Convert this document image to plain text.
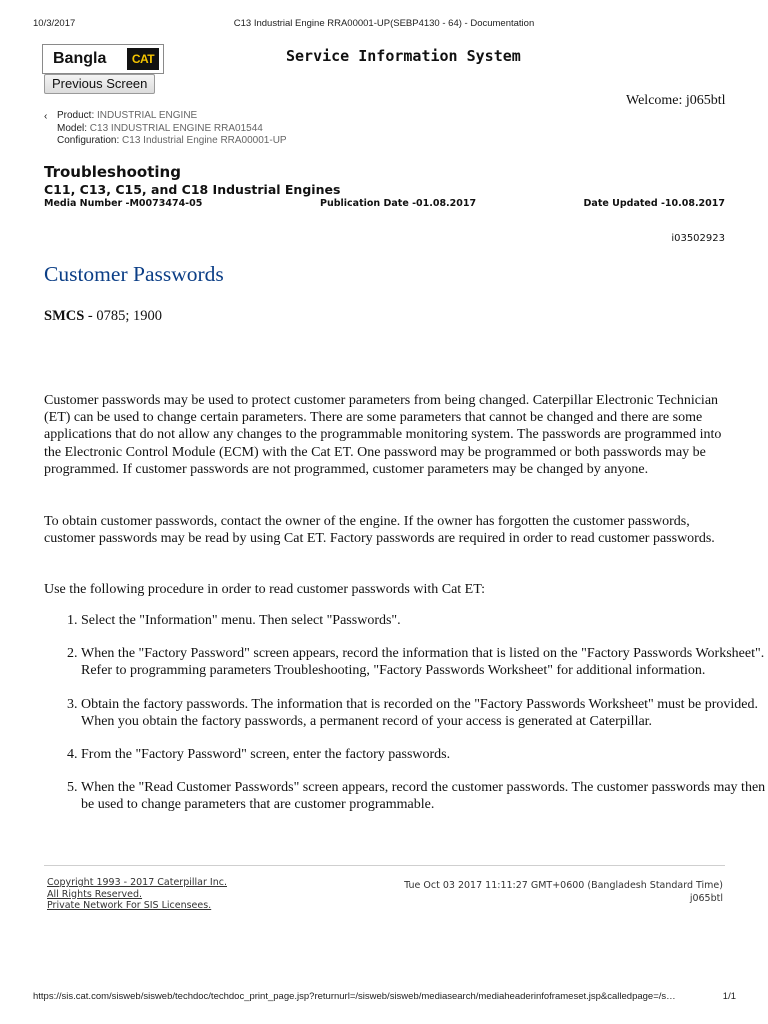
10/3/2017	C13 Industrial Engine RRA00001-UP(SEBP4130 - 64) - Documentation
Bangla	CAT
Previous Screen
Service Information System
Welcome: j065btl
‹ Product: INDUSTRIAL ENGINE
Model: C13 INDUSTRIAL ENGINE RRA01544
Configuration: C13 Industrial Engine RRA00001-UP
Troubleshooting
C11, C13, C15, and C18 Industrial Engines
Media Number -M0073474-05	Publication Date -01.08.2017	Date Updated -10.08.2017
i03502923
Customer Passwords
SMCS - 0785; 1900
Customer passwords may be used to protect customer parameters from being changed. Caterpillar Electronic Technician (ET) can be used to change certain parameters. There are some parameters that cannot be changed and there are some applications that do not allow any changes to the programmable monitoring system. The passwords are programmed into the Electronic Control Module (ECM) with the Cat ET. One password may be programmed or both passwords may be programmed. If customer passwords are not programmed, customer parameters may be changed by anyone.
To obtain customer passwords, contact the owner of the engine. If the owner has forgotten the customer passwords, customer passwords may be read by using Cat ET. Factory passwords are required in order to read customer passwords.
Use the following procedure in order to read customer passwords with Cat ET:
1. Select the "Information" menu. Then select "Passwords".
2. When the "Factory Password" screen appears, record the information that is listed on the "Factory Passwords Worksheet". Refer to programming parameters Troubleshooting, "Factory Passwords Worksheet" for additional information.
3. Obtain the factory passwords. The information that is recorded on the "Factory Passwords Worksheet" must be provided. When you obtain the factory passwords, a permanent record of your access is generated at Caterpillar.
4. From the "Factory Password" screen, enter the factory passwords.
5. When the "Read Customer Passwords" screen appears, record the customer passwords. The customer passwords may then be used to change parameters that are customer programmable.
Copyright 1993 - 2017 Caterpillar Inc.
All Rights Reserved.
Private Network For SIS Licensees.
Tue Oct 03 2017 11:11:27 GMT+0600 (Bangladesh Standard Time)
j065btl
https://sis.cat.com/sisweb/sisweb/techdoc/techdoc_print_page.jsp?returnurl=/sisweb/sisweb/mediasearch/mediaheaderinfoframeset.jsp&calledpage=/s…	1/1
